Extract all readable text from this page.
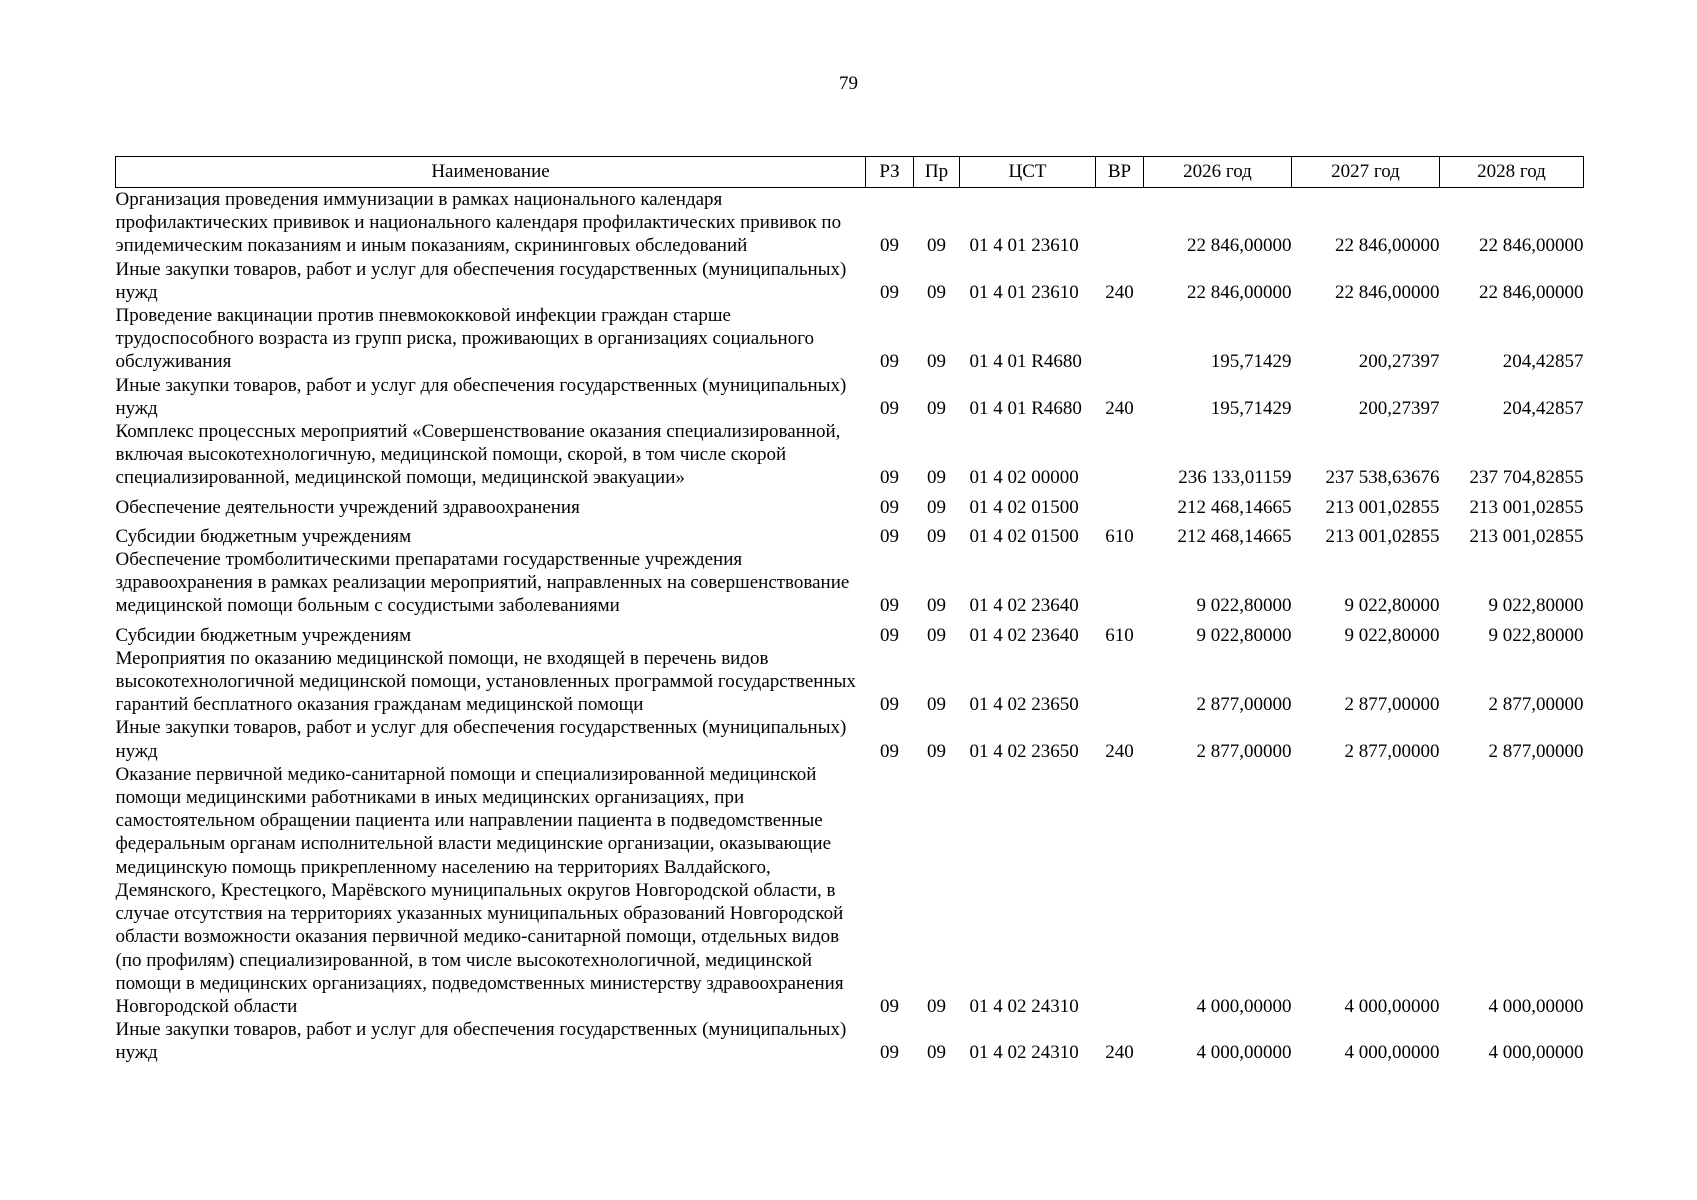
79
Наименование	РЗ	Пр	ЦСТ	ВР	2026 год	2027 год	2028 год
Организация проведения иммунизации в рамках национального календаря профилактических прививок и национального календаря профилактических прививок по эпидемическим показаниям и иным показаниям, скрининговых обследований	09	09	01 4 01 23610		22 846,00000	22 846,00000	22 846,00000
Иные закупки товаров, работ и услуг для обеспечения государственных (муниципальных) нужд	09	09	01 4 01 23610	240	22 846,00000	22 846,00000	22 846,00000
Проведение вакцинации против пневмококковой инфекции граждан старше трудоспособного возраста из групп риска, проживающих в организациях социального обслуживания	09	09	01 4 01 R4680		195,71429	200,27397	204,42857
Иные закупки товаров, работ и услуг для обеспечения государственных (муниципальных) нужд	09	09	01 4 01 R4680	240	195,71429	200,27397	204,42857
Комплекс процессных мероприятий «Совершенствование оказания специализированной, включая высокотехнологичную, медицинской помощи, скорой, в том числе скорой специализированной, медицинской помощи, медицинской эвакуации»	09	09	01 4 02 00000		236 133,01159	237 538,63676	237 704,82855
Обеспечение деятельности учреждений здравоохранения	09	09	01 4 02 01500		212 468,14665	213 001,02855	213 001,02855
Субсидии бюджетным учреждениям	09	09	01 4 02 01500	610	212 468,14665	213 001,02855	213 001,02855
Обеспечение тромболитическими препаратами государственные учреждения здравоохранения в рамках реализации мероприятий, направленных на совершенствование медицинской помощи больным с сосудистыми заболеваниями	09	09	01 4 02 23640		9 022,80000	9 022,80000	9 022,80000
Субсидии бюджетным учреждениям	09	09	01 4 02 23640	610	9 022,80000	9 022,80000	9 022,80000
Мероприятия по оказанию медицинской помощи, не входящей в перечень видов высокотехнологичной медицинской помощи, установленных программой государственных гарантий бесплатного оказания гражданам медицинской помощи	09	09	01 4 02 23650		2 877,00000	2 877,00000	2 877,00000
Иные закупки товаров, работ и услуг для обеспечения государственных (муниципальных) нужд	09	09	01 4 02 23650	240	2 877,00000	2 877,00000	2 877,00000
Оказание первичной медико-санитарной помощи и специализированной медицинской помощи медицинскими работниками в иных медицинских организациях, при самостоятельном обращении пациента или направлении пациента в подведомственные федеральным органам исполнительной власти медицинские организации, оказывающие медицинскую помощь прикрепленному населению на территориях Валдайского, Демянского, Крестецкого, Марёвского муниципальных округов Новгородской области, в случае отсутствия на территориях указанных муниципальных образований Новгородской области возможности оказания первичной медико-санитарной помощи, отдельных видов (по профилям) специализированной, в том числе высокотехнологичной, медицинской помощи в медицинских организациях, подведомственных министерству здравоохранения Новгородской области	09	09	01 4 02 24310		4 000,00000	4 000,00000	4 000,00000
Иные закупки товаров, работ и услуг для обеспечения государственных (муниципальных) нужд	09	09	01 4 02 24310	240	4 000,00000	4 000,00000	4 000,00000
